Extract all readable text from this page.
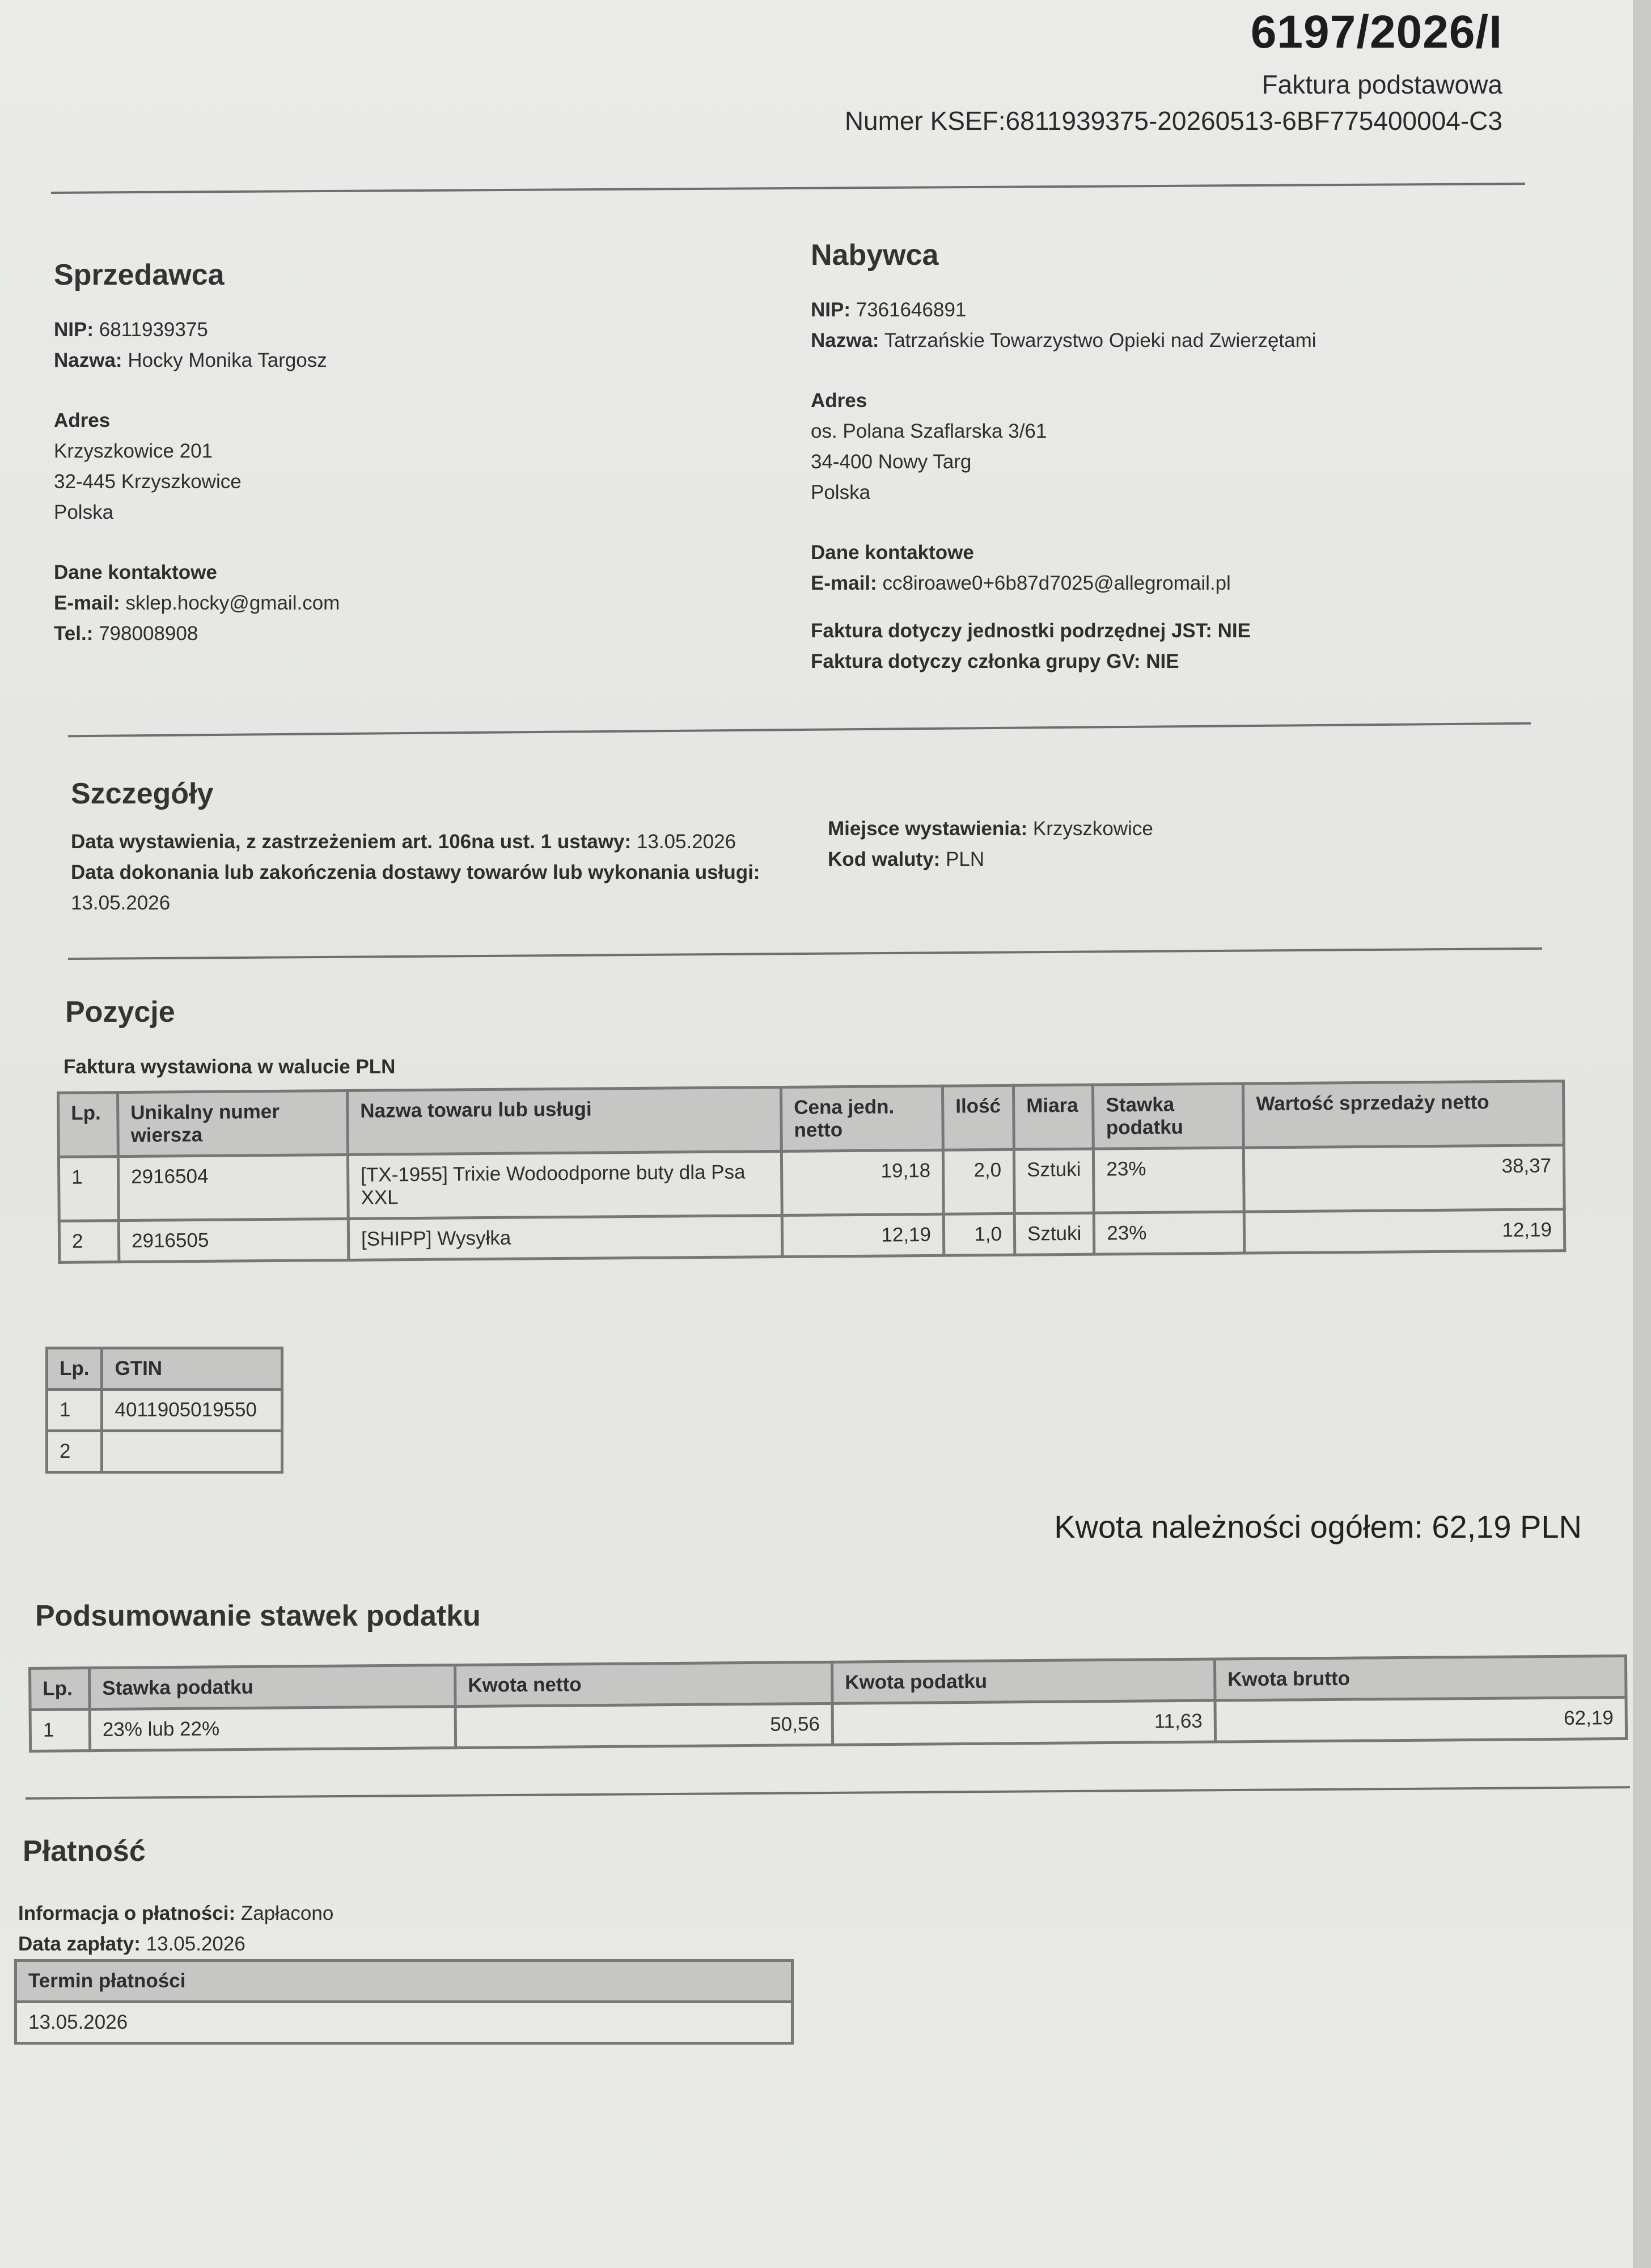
6197/2026/I
Faktura podstawowa
Numer KSEF:6811939375-20260513-6BF775400004-C3
Sprzedawca
NIP: 6811939375
Nazwa: Hocky Monika Targosz
Adres
Krzyszkowice 201
32-445 Krzyszkowice
Polska
Dane kontaktowe
E-mail: sklep.hocky@gmail.com
Tel.: 798008908
Nabywca
NIP: 7361646891
Nazwa: Tatrzańskie Towarzystwo Opieki nad Zwierzętami
Adres
os. Polana Szaflarska 3/61
34-400 Nowy Targ
Polska
Dane kontaktowe
E-mail: cc8iroawe0+6b87d7025@allegromail.pl
Faktura dotyczy jednostki podrzędnej JST: NIE
Faktura dotyczy członka grupy GV: NIE
Szczegóły
Data wystawienia, z zastrzeżeniem art. 106na ust. 1 ustawy: 13.05.2026
Data dokonania lub zakończenia dostawy towarów lub wykonania usługi:
13.05.2026
Miejsce wystawienia: Krzyszkowice
Kod waluty: PLN
Pozycje
Faktura wystawiona w walucie PLN
Lp.	Unikalny numer wiersza	Nazwa towaru lub usługi	Cena jedn. netto	Ilość	Miara	Stawka podatku	Wartość sprzedaży netto
1	2916504	[TX-1955] Trixie Wodoodporne buty dla Psa XXL	19,18	2,0	Sztuki	23%	38,37
2	2916505	[SHIPP] Wysyłka	12,19	1,0	Sztuki	23%	12,19
Lp.	GTIN
1	4011905019550
2	
Kwota należności ogółem: 62,19 PLN
Podsumowanie stawek podatku
Lp.	Stawka podatku	Kwota netto	Kwota podatku	Kwota brutto
1	23% lub 22%	50,56	11,63	62,19
Płatność
Informacja o płatności: Zapłacono
Data zapłaty: 13.05.2026
Termin płatności
13.05.2026
